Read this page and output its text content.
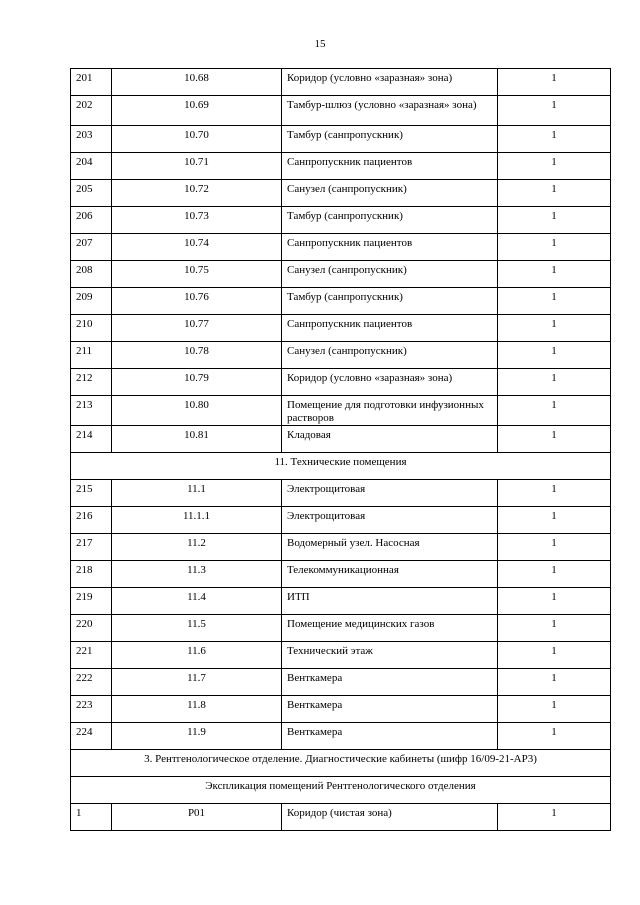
15
201	10.68	Коридор (условно «заразная» зона)	1
202	10.69	Тамбур-шлюз (условно «заразная» зона)	1
203	10.70	Тамбур (санпропускник)	1
204	10.71	Санпропускник пациентов	1
205	10.72	Санузел (санпропускник)	1
206	10.73	Тамбур (санпропускник)	1
207	10.74	Санпропускник пациентов	1
208	10.75	Санузел (санпропускник)	1
209	10.76	Тамбур (санпропускник)	1
210	10.77	Санпропускник пациентов	1
211	10.78	Санузел (санпропускник)	1
212	10.79	Коридор (условно «заразная» зона)	1
213	10.80	Помещение для подготовки инфузионных растворов	1
214	10.81	Кладовая	1
11. Технические помещения			
215	11.1	Электрощитовая	1
216	11.1.1	Электрощитовая	1
217	11.2	Водомерный узел. Насосная	1
218	11.3	Телекоммуникационная	1
219	11.4	ИТП	1
220	11.5	Помещение медицинских газов	1
221	11.6	Технический этаж	1
222	11.7	Венткамера	1
223	11.8	Венткамера	1
224	11.9	Венткамера	1
3. Рентгенологическое отделение. Диагностические кабинеты (шифр 16/09-21-АР3)			
Экспликация помещений Рентгенологического отделения			
1	Р01	Коридор (чистая зона)	1
